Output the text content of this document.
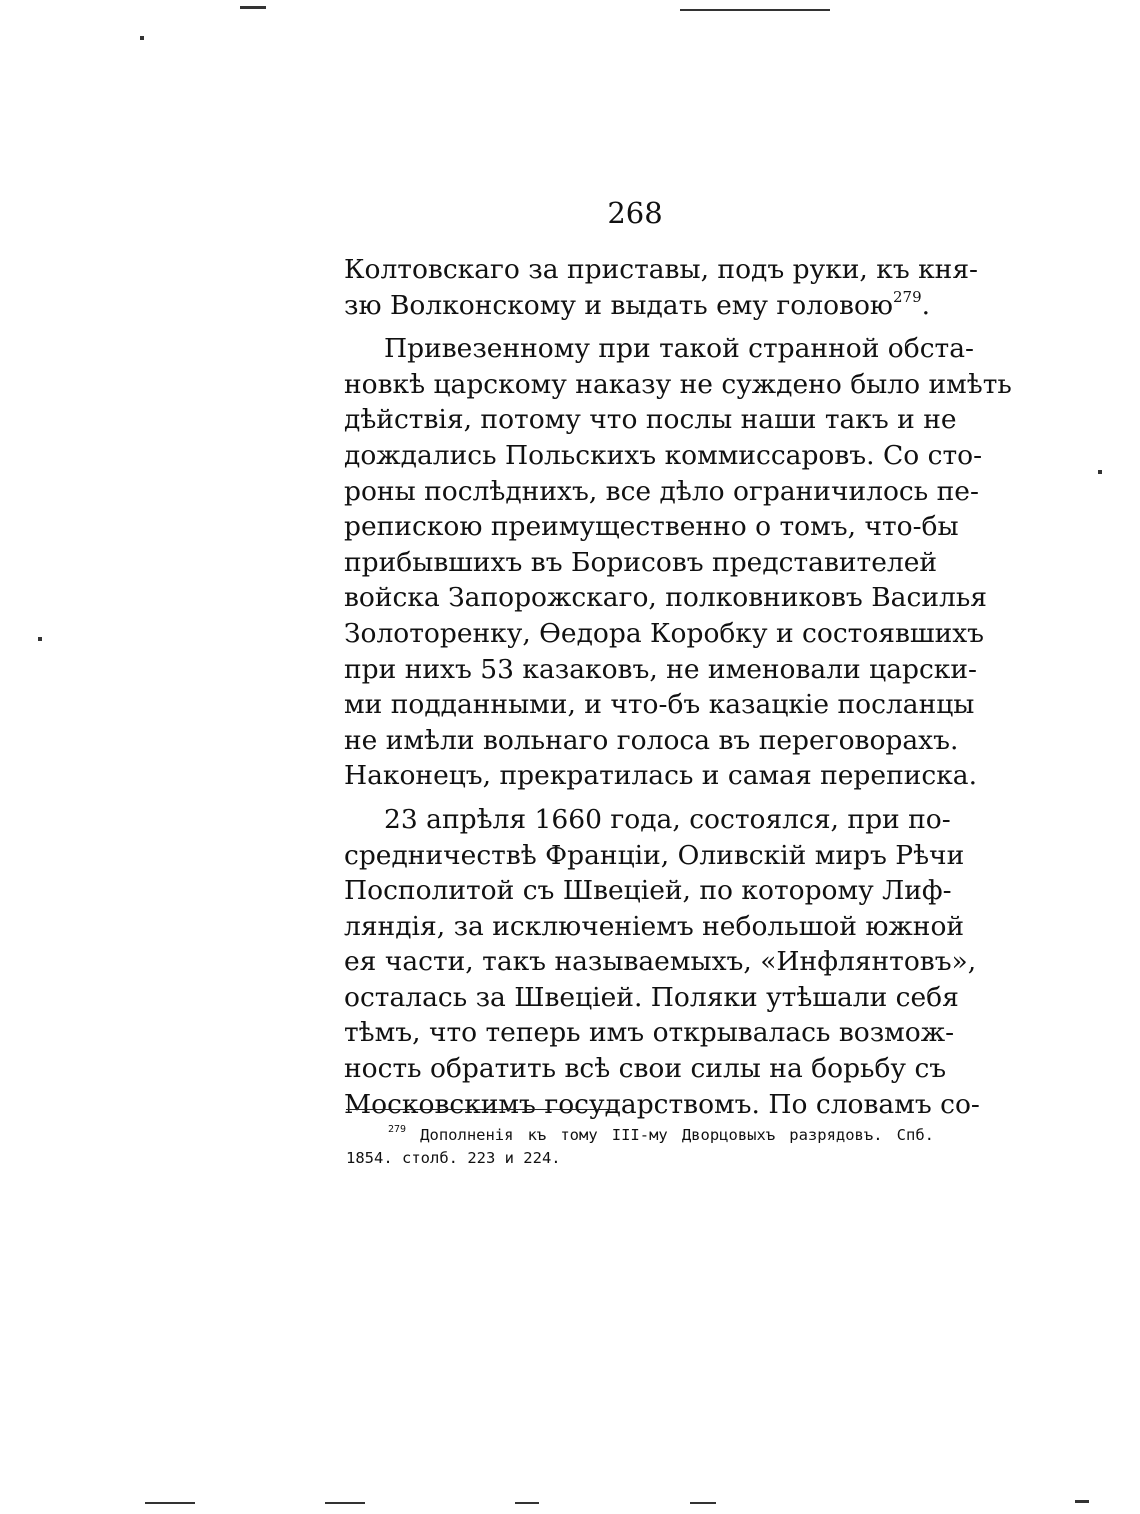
268
Колтовскаго за приставы, подъ руки, къ кня-
зю Волконскому и выдать ему головою$^{279}$.
Привезенному при такой странной обста-
новкѣ царскому наказу не суждено было имѣть
дѣйствія, потому что послы наши такъ и не
дождались Польскихъ коммиссаровъ. Со сто-
роны послѣднихъ, все дѣло ограничилось пе-
репискою преимущественно о томъ, что-бы
прибывшихъ въ Борисовъ представителей
войска Запорожскаго, полковниковъ Василья
Золоторенку, Ѳедора Коробку и состоявшихъ
при нихъ 53 казаковъ, не именовали царски-
ми подданными, и что-бъ казацкіе посланцы
не имѣли вольнаго голоса въ переговорахъ.
Наконецъ, прекратилась и самая переписка.
23 апрѣля 1660 года, состоялся, при по-
средничествѣ Франціи, Оливскій миръ Рѣчи
Посполитой съ Швеціей, по которому Лиф-
ляндія, за исключеніемъ небольшой южной
ея части, такъ называемыхъ, «Инфлянтовъ»,
осталась за Швеціей. Поляки утѣшали себя
тѣмъ, что теперь имъ открывалась возмож-
ность обратить всѣ свои силы на борьбу съ
Московскимъ государствомъ. По словамъ со-
$^{279}$ Дополненія къ тому III-му Дворцовыхъ разрядовъ. Спб.
1854. столб. 223 и 224.
